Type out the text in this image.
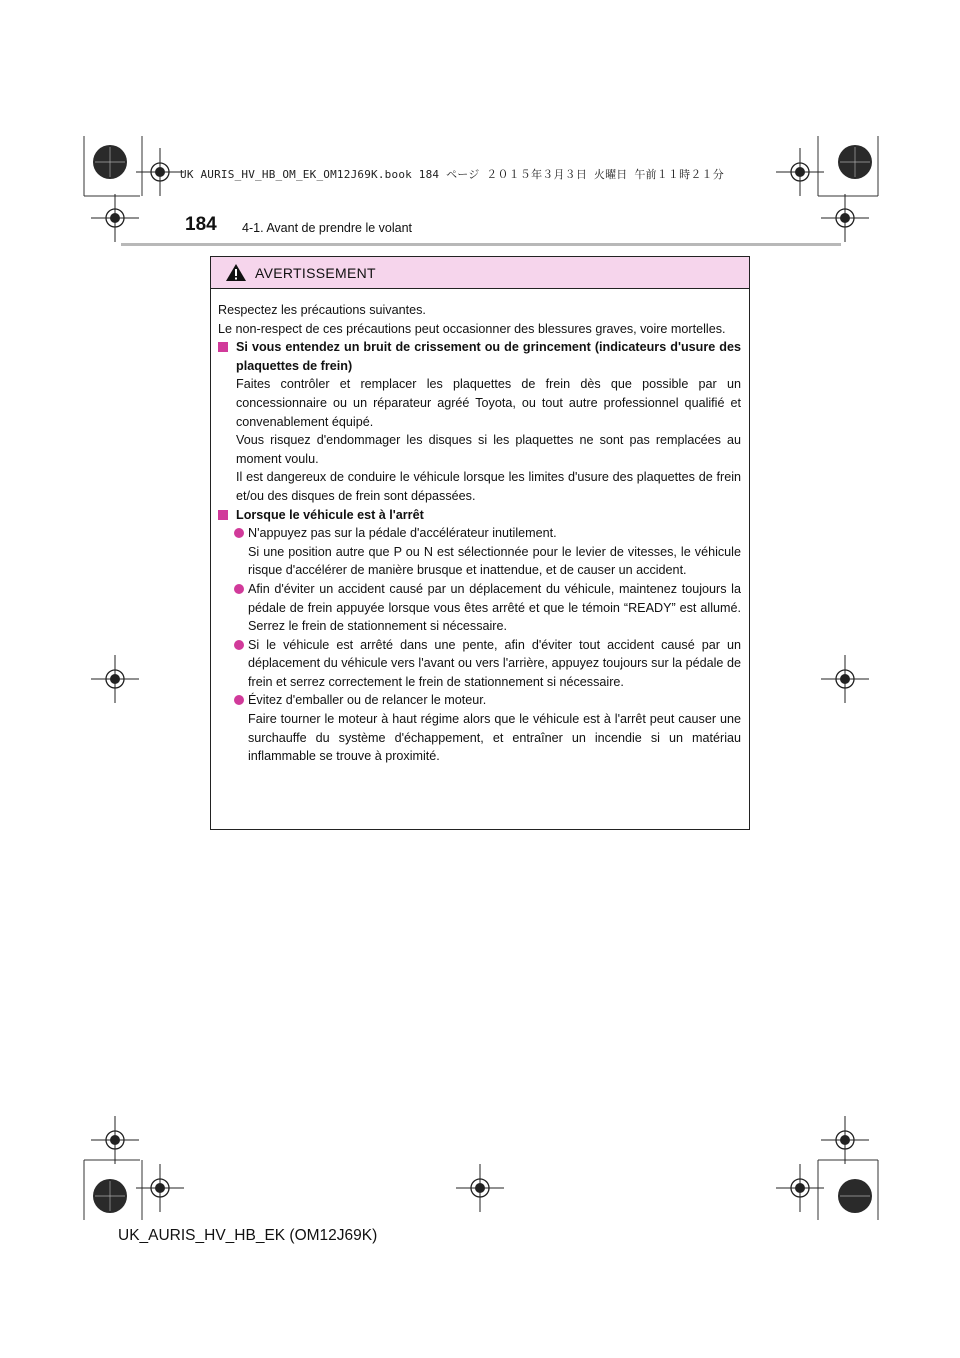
UK AURIS_HV_HB_OM_EK_OM12J69K.book 184 ページ ２０１５年３月３日 火曜日 午前１１時２１分
184 4-1. Avant de prendre le volant
AVERTISSEMENT

Respectez les précautions suivantes.
Le non-respect de ces précautions peut occasionner des blessures graves, voire mortelles.

Si vous entendez un bruit de crissement ou de grincement (indicateurs d'usure des plaquettes de frein)

Faites contrôler et remplacer les plaquettes de frein dès que possible par un concessionnaire ou un réparateur agréé Toyota, ou tout autre professionnel qualifié et convenablement équipé.
Vous risquez d'endommager les disques si les plaquettes ne sont pas remplacées au moment voulu.

Il est dangereux de conduire le véhicule lorsque les limites d'usure des plaquettes de frein et/ou des disques de frein sont dépassées.

Lorsque le véhicule est à l'arrêt

N'appuyez pas sur la pédale d'accélérateur inutilement.
Si une position autre que P ou N est sélectionnée pour le levier de vitesses, le véhicule risque d'accélérer de manière brusque et inattendue, et de causer un accident.

Afin d'éviter un accident causé par un déplacement du véhicule, maintenez toujours la pédale de frein appuyée lorsque vous êtes arrêté et que le témoin “READY” est allumé. Serrez le frein de stationnement si nécessaire.

Si le véhicule est arrêté dans une pente, afin d'éviter tout accident causé par un déplacement du véhicule vers l'avant ou vers l'arrière, appuyez toujours sur la pédale de frein et serrez correctement le frein de stationnement si nécessaire.

Évitez d'emballer ou de relancer le moteur.
Faire tourner le moteur à haut régime alors que le véhicule est à l'arrêt peut causer une surchauffe du système d'échappement, et entraîner un incendie si un matériau inflammable se trouve à proximité.

UK_AURIS_HV_HB_EK (OM12J69K)
